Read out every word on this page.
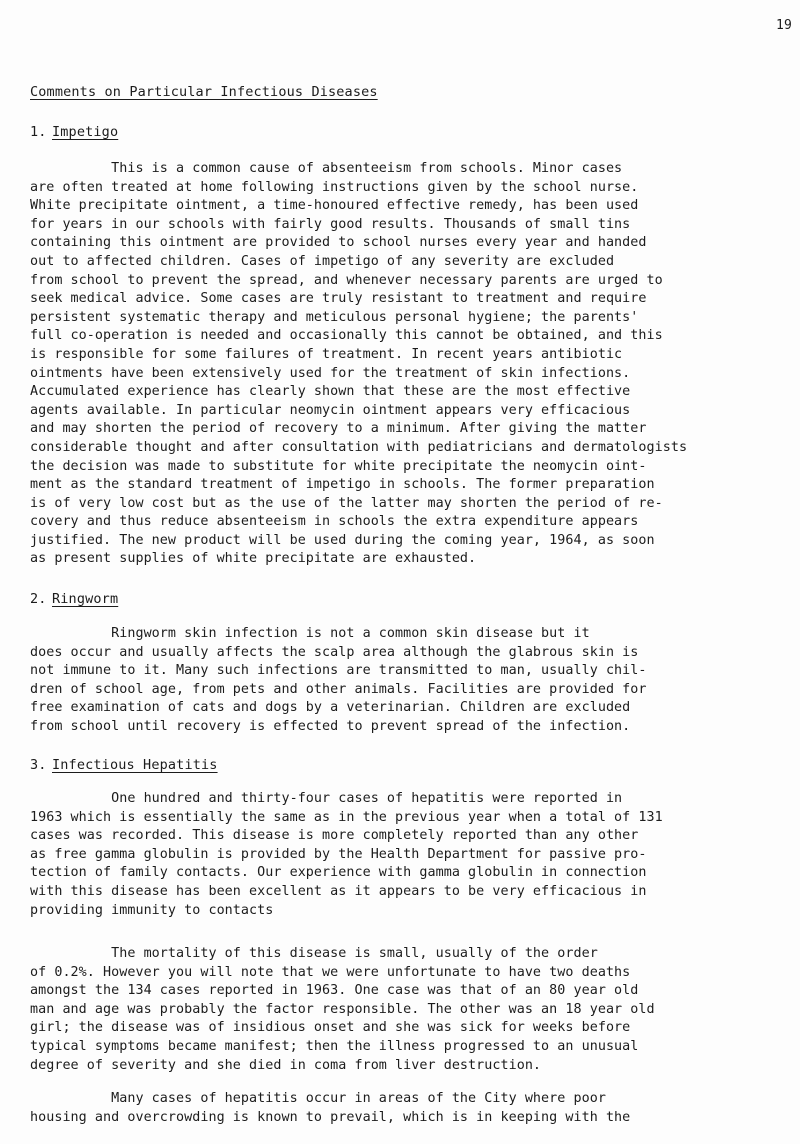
19
Comments on Particular Infectious Diseases
1. Impetigo
This is a common cause of absenteeism from schools. Minor cases
are often treated at home following instructions given by the school nurse.
White precipitate ointment, a time-honoured effective remedy, has been used
for years in our schools with fairly good results. Thousands of small tins
containing this ointment are provided to school nurses every year and handed
out to affected children. Cases of impetigo of any severity are excluded
from school to prevent the spread, and whenever necessary parents are urged to
seek medical advice. Some cases are truly resistant to treatment and require
persistent systematic therapy and meticulous personal hygiene; the parents'
full co-operation is needed and occasionally this cannot be obtained, and this
is responsible for some failures of treatment. In recent years antibiotic
ointments have been extensively used for the treatment of skin infections.
Accumulated experience has clearly shown that these are the most effective
agents available. In particular neomycin ointment appears very efficacious
and may shorten the period of recovery to a minimum. After giving the matter
considerable thought and after consultation with pediatricians and dermatologists
the decision was made to substitute for white precipitate the neomycin oint-
ment as the standard treatment of impetigo in schools. The former preparation
is of very low cost but as the use of the latter may shorten the period of re-
covery and thus reduce absenteeism in schools the extra expenditure appears
justified. The new product will be used during the coming year, 1964, as soon
as present supplies of white precipitate are exhausted.
2. Ringworm
Ringworm skin infection is not a common skin disease but it
does occur and usually affects the scalp area although the glabrous skin is
not immune to it. Many such infections are transmitted to man, usually chil-
dren of school age, from pets and other animals. Facilities are provided for
free examination of cats and dogs by a veterinarian. Children are excluded
from school until recovery is effected to prevent spread of the infection.
3. Infectious Hepatitis
One hundred and thirty-four cases of hepatitis were reported in
1963 which is essentially the same as in the previous year when a total of 131
cases was recorded. This disease is more completely reported than any other
as free gamma globulin is provided by the Health Department for passive pro-
tection of family contacts. Our experience with gamma globulin in connection
with this disease has been excellent as it appears to be very efficacious in
providing immunity to contacts
The mortality of this disease is small, usually of the order
of 0.2%. However you will note that we were unfortunate to have two deaths
amongst the 134 cases reported in 1963. One case was that of an 80 year old
man and age was probably the factor responsible. The other was an 18 year old
girl; the disease was of insidious onset and she was sick for weeks before
typical symptoms became manifest; then the illness progressed to an unusual
degree of severity and she died in coma from liver destruction.
Many cases of hepatitis occur in areas of the City where poor
housing and overcrowding is known to prevail, which is in keeping with the
